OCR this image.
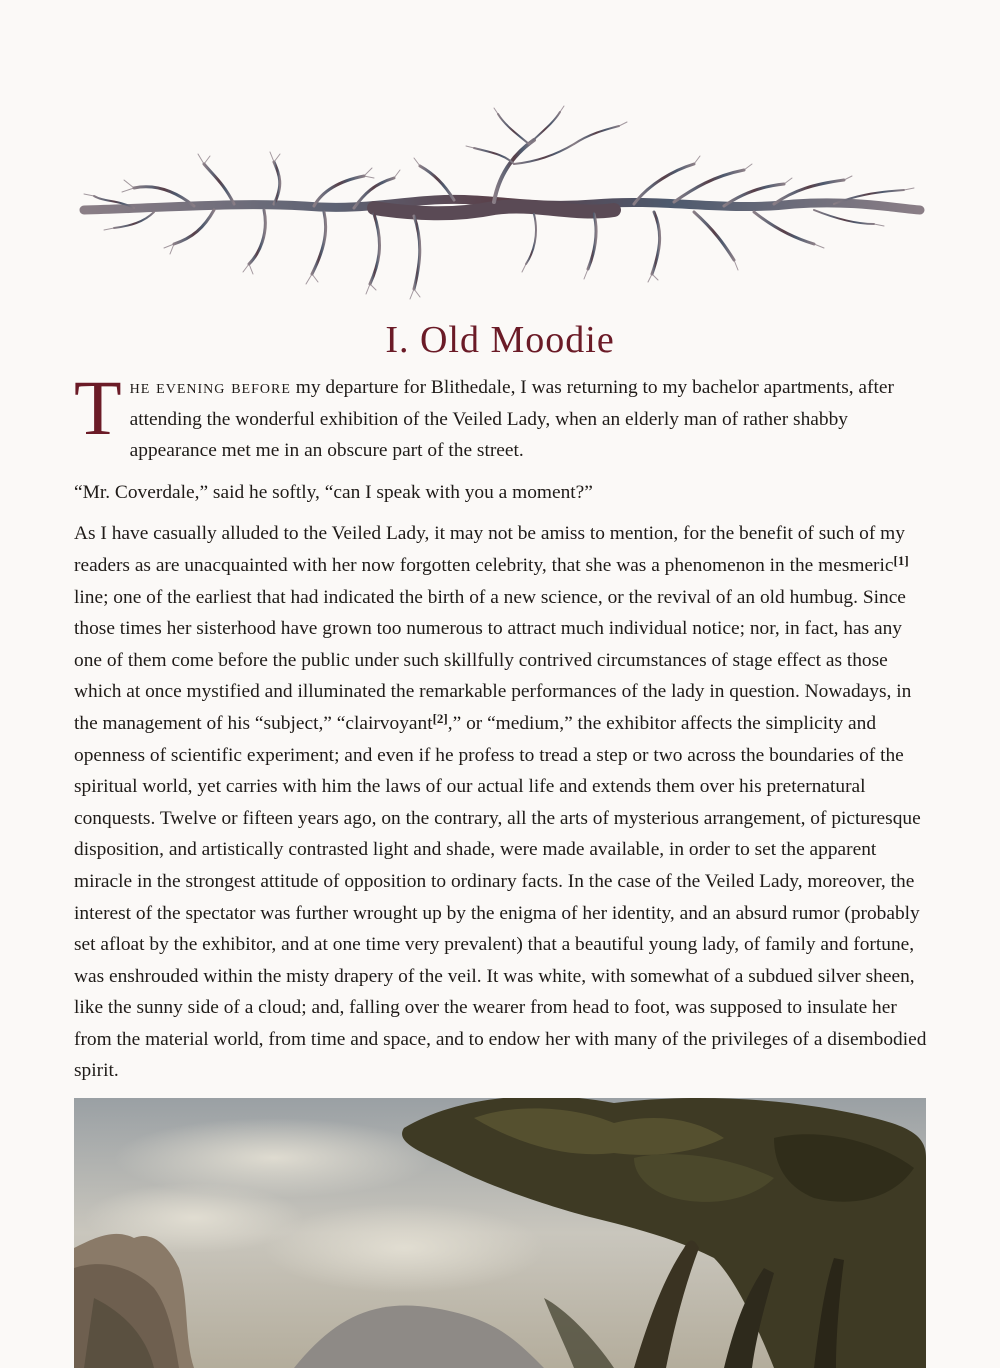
I. Old Moodie

The evening before my departure for Blithedale, I was returning to my bachelor apartments, after attending the wonderful exhibition of the Veiled Lady, when an elderly man of rather shabby appearance met me in an obscure part of the street.

“Mr. Coverdale,” said he softly, “can I speak with you a moment?”

As I have casually alluded to the Veiled Lady, it may not be amiss to mention, for the benefit of such of my readers as are unacquainted with her now forgotten celebrity, that she was a phenomenon in the mesmeric[1] line; one of the earliest that had indicated the birth of a new science, or the revival of an old humbug. Since those times her sisterhood have grown too numerous to attract much individual notice; nor, in fact, has any one of them come before the public under such skillfully contrived circumstances of stage effect as those which at once mystified and illuminated the remarkable performances of the lady in question. Nowadays, in the management of his “subject,” “clairvoyant[2],” or “medium,” the exhibitor affects the simplicity and openness of scientific experiment; and even if he profess to tread a step or two across the boundaries of the spiritual world, yet carries with him the laws of our actual life and extends them over his preternatural conquests. Twelve or fifteen years ago, on the contrary, all the arts of mysterious arrangement, of picturesque disposition, and artistically contrasted light and shade, were made available, in order to set the apparent miracle in the strongest attitude of opposition to ordinary facts. In the case of the Veiled Lady, moreover, the interest of the spectator was further wrought up by the enigma of her identity, and an absurd rumor (probably set afloat by the exhibitor, and at one time very prevalent) that a beautiful young lady, of family and fortune, was enshrouded within the misty drapery of the veil. It was white, with somewhat of a subdued silver sheen, like the sunny side of a cloud; and, falling over the wearer from head to foot, was supposed to insulate her from the material world, from time and space, and to endow her with many of the privileges of a disembodied spirit.
